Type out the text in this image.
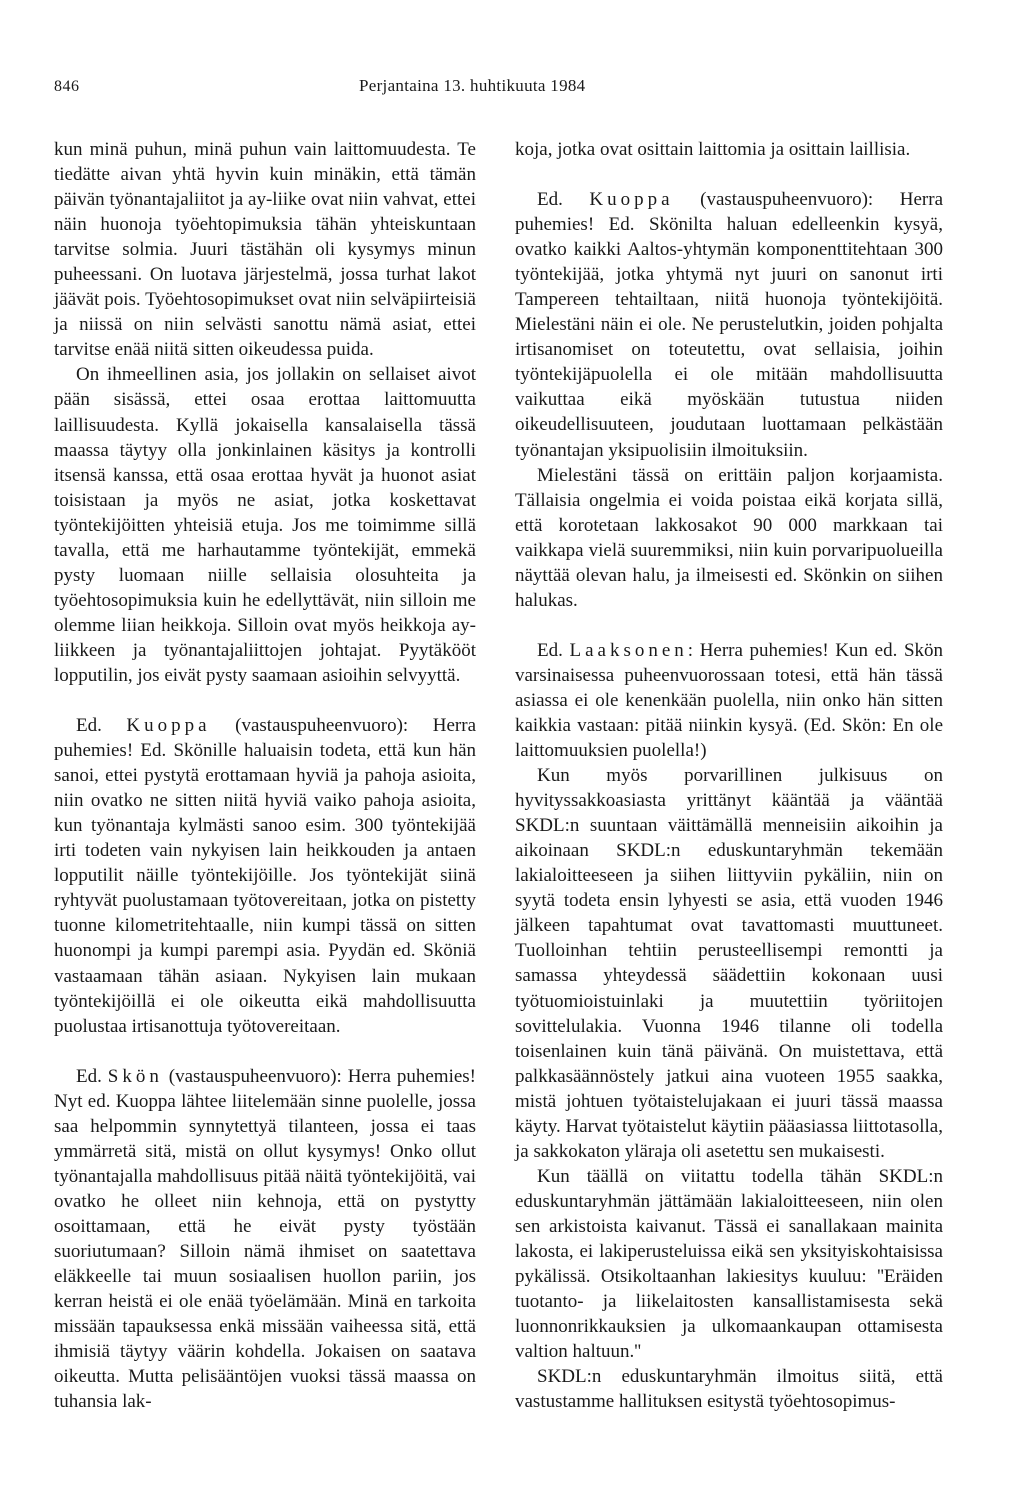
846	Perjantaina 13. huhtikuuta 1984

kun minä puhun, minä puhun vain laittomuudesta. Te tiedätte aivan yhtä hyvin kuin minäkin, että tämän päivän työnantajaliitot ja ay-liike ovat niin vahvat, ettei näin huonoja työehtopimuksia tähän yhteiskuntaan tarvitse solmia. Juuri tästähän oli kysymys minun puheessani. On luotava järjestelmä, jossa turhat lakot jäävät pois. Työehtosopimukset ovat niin selväpiirteisiä ja niissä on niin selvästi sanottu nämä asiat, ettei tarvitse enää niitä sitten oikeudessa puida.

On ihmeellinen asia, jos jollakin on sellaiset aivot pään sisässä, ettei osaa erottaa laittomuutta laillisuudesta. Kyllä jokaisella kansalaisella tässä maassa täytyy olla jonkinlainen käsitys ja kontrolli itsensä kanssa, että osaa erottaa hyvät ja huonot asiat toisistaan ja myös ne asiat, jotka koskettavat työntekijöitten yhteisiä etuja. Jos me toimimme sillä tavalla, että me harhautamme työntekijät, emmekä pysty luomaan niille sellaisia olosuhteita ja työehtosopimuksia kuin he edellyttävät, niin silloin me olemme liian heikkoja. Silloin ovat myös heikkoja ay-liikkeen ja työnantajaliittojen johtajat. Pyytäkööt lopputilin, jos eivät pysty saamaan asioihin selvyyttä.

Ed. Kuoppa (vastauspuheenvuoro): Herra puhemies! Ed. Skönille haluaisin todeta, että kun hän sanoi, ettei pystytä erottamaan hyviä ja pahoja asioita, niin ovatko ne sitten niitä hyviä vaiko pahoja asioita, kun työnantaja kylmästi sanoo esim. 300 työntekijää irti todeten vain nykyisen lain heikkouden ja antaen lopputilit näille työntekijöille. Jos työntekijät siinä ryhtyvät puolustamaan työtovereitaan, jotka on pistetty tuonne kilometritehtaalle, niin kumpi tässä on sitten huonompi ja kumpi parempi asia. Pyydän ed. Sköniä vastaamaan tähän asiaan. Nykyisen lain mukaan työntekijöillä ei ole oikeutta eikä mahdollisuutta puolustaa irtisanottuja työtovereitaan.

Ed. Skön (vastauspuheenvuoro): Herra puhemies! Nyt ed. Kuoppa lähtee liitelemään sinne puolelle, jossa saa helpommin synnytettyä tilanteen, jossa ei taas ymmärretä sitä, mistä on ollut kysymys! Onko ollut työnantajalla mahdollisuus pitää näitä työntekijöitä, vai ovatko he olleet niin kehnoja, että on pystytty osoittamaan, että he eivät pysty työstään suoriutumaan? Silloin nämä ihmiset on saatettava eläkkeelle tai muun sosiaalisen huollon pariin, jos kerran heistä ei ole enää työelämään. Minä en tarkoita missään tapauksessa enkä missään vaiheessa sitä, että ihmisiä täytyy väärin kohdella. Jokaisen on saatava oikeutta. Mutta pelisääntöjen vuoksi tässä maassa on tuhansia lak-

koja, jotka ovat osittain laittomia ja osittain laillisia.

Ed. Kuoppa (vastauspuheenvuoro): Herra puhemies! Ed. Skönilta haluan edelleenkin kysyä, ovatko kaikki Aaltos-yhtymän komponenttitehtaan 300 työntekijää, jotka yhtymä nyt juuri on sanonut irti Tampereen tehtailtaan, niitä huonoja työntekijöitä. Mielestäni näin ei ole. Ne perustelutkin, joiden pohjalta irtisanomiset on toteutettu, ovat sellaisia, joihin työntekijäpuolella ei ole mitään mahdollisuutta vaikuttaa eikä myöskään tutustua niiden oikeudellisuuteen, joudutaan luottamaan pelkästään työnantajan yksipuolisiin ilmoituksiin.

Mielestäni tässä on erittäin paljon korjaamista. Tällaisia ongelmia ei voida poistaa eikä korjata sillä, että korotetaan lakkosakot 90 000 markkaan tai vaikkapa vielä suuremmiksi, niin kuin porvaripuolueilla näyttää olevan halu, ja ilmeisesti ed. Skönkin on siihen halukas.

Ed. Laaksonen: Herra puhemies! Kun ed. Skön varsinaisessa puheenvuorossaan totesi, että hän tässä asiassa ei ole kenenkään puolella, niin onko hän sitten kaikkia vastaan: pitää niinkin kysyä. (Ed. Skön: En ole laittomuuksien puolella!)

Kun myös porvarillinen julkisuus on hyvityssakkoasiasta yrittänyt kääntää ja vääntää SKDL:n suuntaan väittämällä menneisiin aikoihin ja aikoinaan SKDL:n eduskuntaryhmän tekemään lakialoitteeseen ja siihen liittyviin pykäliin, niin on syytä todeta ensin lyhyesti se asia, että vuoden 1946 jälkeen tapahtumat ovat tavattomasti muuttuneet. Tuolloinhan tehtiin perusteellisempi remontti ja samassa yhteydessä säädettiin kokonaan uusi työtuomioistuinlaki ja muutettiin työriitojen sovittelulakia. Vuonna 1946 tilanne oli todella toisenlainen kuin tänä päivänä. On muistettava, että palkkasäännöstely jatkui aina vuoteen 1955 saakka, mistä johtuen työtaistelujakaan ei juuri tässä maassa käyty. Harvat työtaistelut käytiin pääasiassa liittotasolla, ja sakkokaton yläraja oli asetettu sen mukaisesti.

Kun täällä on viitattu todella tähän SKDL:n eduskuntaryhmän jättämään lakialoitteeseen, niin olen sen arkistoista kaivanut. Tässä ei sanallakaan mainita lakosta, ei lakiperusteluissa eikä sen yksityiskohtaisissa pykälissä. Otsikoltaanhan lakiesitys kuuluu: ''Eräiden tuotanto- ja liikelaitosten kansallistamisesta sekä luonnonrikkauksien ja ulkomaankaupan ottamisesta valtion haltuun.''

SKDL:n eduskuntaryhmän ilmoitus siitä, että vastustamme hallituksen esitystä työehtosopimus-
